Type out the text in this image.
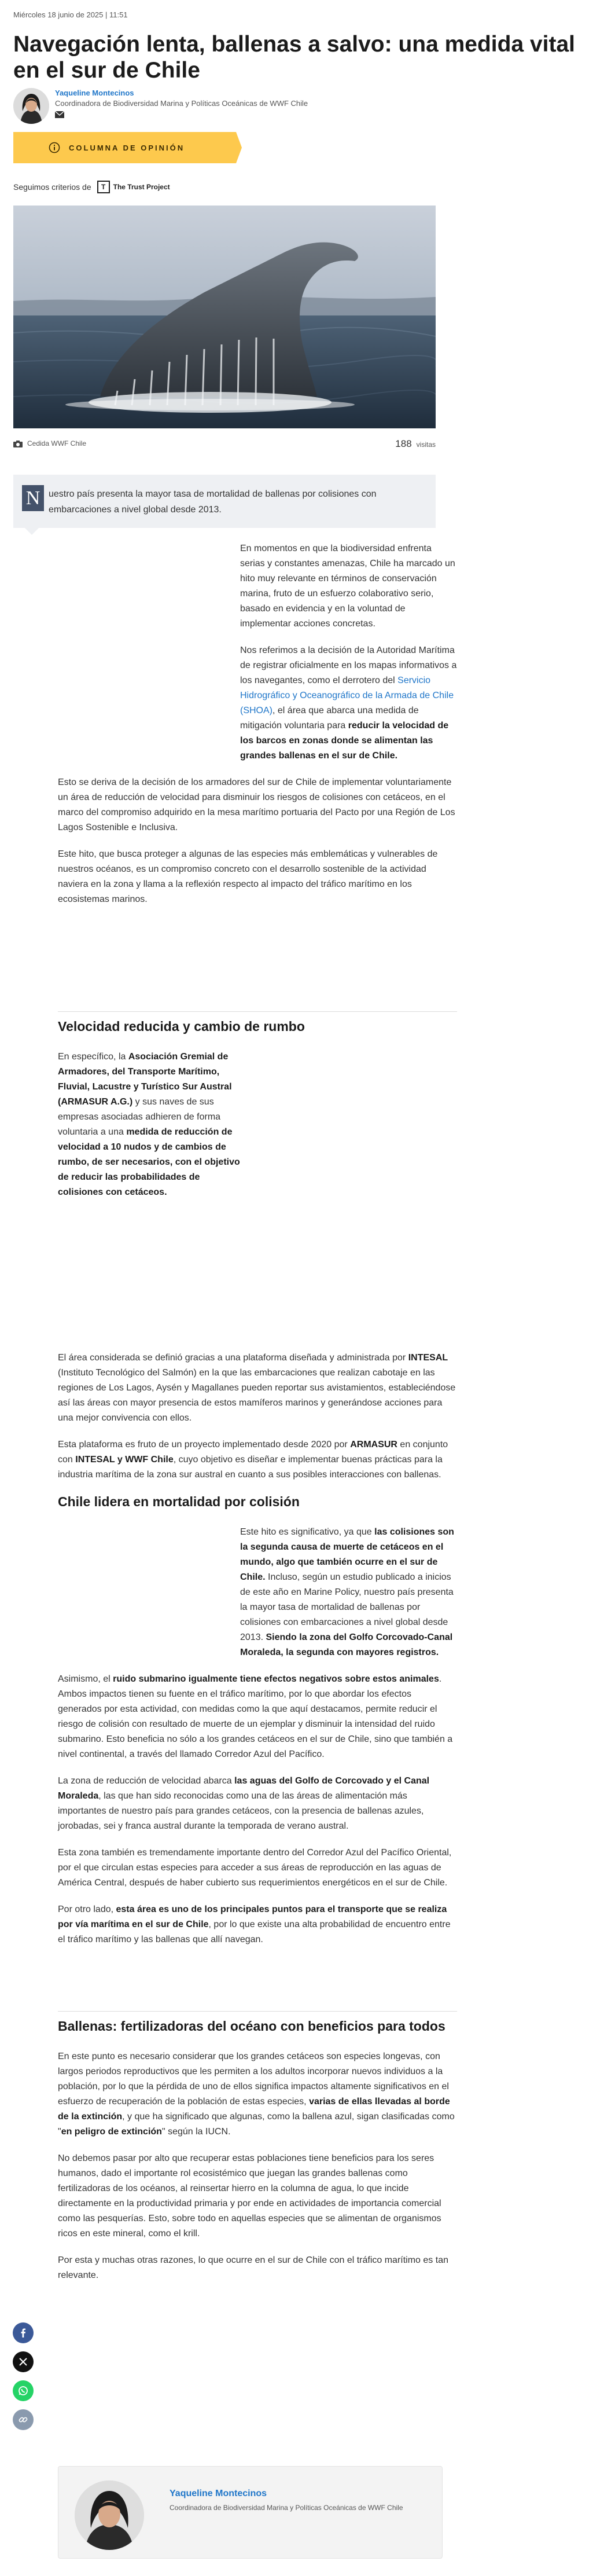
Miércoles 18 junio de 2025 | 11:51
Navegación lenta, ballenas a salvo: una medida vital en el sur de Chile
Yaqueline Montecinos
Coordinadora de Biodiversidad Marina y Políticas Oceánicas de WWF Chile
COLUMNA DE OPINIÓN
Seguimos criterios de	T	The Trust Project
Cedida WWF Chile	188 visitas
N uestro país presenta la mayor tasa de mortalidad de ballenas por colisiones con embarcaciones a nivel global desde 2013.

En momentos en que la biodiversidad enfrenta serias y constantes amenazas, Chile ha marcado un hito muy relevante en términos de conservación marina, fruto de un esfuerzo colaborativo serio, basado en evidencia y en la voluntad de implementar acciones concretas.

Nos referimos a la decisión de la Autoridad Marítima de registrar oficialmente en los mapas informativos a los navegantes, como el derrotero del Servicio Hidrográfico y Oceanográfico de la Armada de Chile (SHOA), el área que abarca una medida de mitigación voluntaria para reducir la velocidad de los barcos en zonas donde se alimentan las grandes ballenas en el sur de Chile.

Esto se deriva de la decisión de los armadores del sur de Chile de implementar voluntariamente un área de reducción de velocidad para disminuir los riesgos de colisiones con cetáceos, en el marco del compromiso adquirido en la mesa marítimo portuaria del Pacto por una Región de Los Lagos Sostenible e Inclusiva.

Este hito, que busca proteger a algunas de las especies más emblemáticas y vulnerables de nuestros océanos, es un compromiso concreto con el desarrollo sostenible de la actividad naviera en la zona y llama a la reflexión respecto al impacto del tráfico marítimo en los ecosistemas marinos.

Velocidad reducida y cambio de rumbo

En específico, la Asociación Gremial de Armadores, del Transporte Marítimo, Fluvial, Lacustre y Turístico Sur Austral (ARMASUR A.G.) y sus naves de sus empresas asociadas adhieren de forma voluntaria a una medida de reducción de velocidad a 10 nudos y de cambios de rumbo, de ser necesarios, con el objetivo de reducir las probabilidades de colisiones con cetáceos.

El área considerada se definió gracias a una plataforma diseñada y administrada por INTESAL (Instituto Tecnológico del Salmón) en la que las embarcaciones que realizan cabotaje en las regiones de Los Lagos, Aysén y Magallanes pueden reportar sus avistamientos, estableciéndose así las áreas con mayor presencia de estos mamíferos marinos y generándose acciones para una mejor convivencia con ellos.

Esta plataforma es fruto de un proyecto implementado desde 2020 por ARMASUR en conjunto con INTESAL y WWF Chile, cuyo objetivo es diseñar e implementar buenas prácticas para la industria marítima de la zona sur austral en cuanto a sus posibles interacciones con ballenas.

Chile lidera en mortalidad por colisión

Este hito es significativo, ya que las colisiones son la segunda causa de muerte de cetáceos en el mundo, algo que también ocurre en el sur de Chile. Incluso, según un estudio publicado a inicios de este año en Marine Policy, nuestro país presenta la mayor tasa de mortalidad de ballenas por colisiones con embarcaciones a nivel global desde 2013. Siendo la zona del Golfo Corcovado-Canal Moraleda, la segunda con mayores registros.

Asimismo, el ruido submarino igualmente tiene efectos negativos sobre estos animales. Ambos impactos tienen su fuente en el tráfico marítimo, por lo que abordar los efectos generados por esta actividad, con medidas como la que aquí destacamos, permite reducir el riesgo de colisión con resultado de muerte de un ejemplar y disminuir la intensidad del ruido submarino. Esto beneficia no sólo a los grandes cetáceos en el sur de Chile, sino que también a nivel continental, a través del llamado Corredor Azul del Pacífico.

La zona de reducción de velocidad abarca las aguas del Golfo de Corcovado y el Canal Moraleda, las que han sido reconocidas como una de las áreas de alimentación más importantes de nuestro país para grandes cetáceos, con la presencia de ballenas azules, jorobadas, sei y franca austral durante la temporada de verano austral.

Esta zona también es tremendamente importante dentro del Corredor Azul del Pacífico Oriental, por el que circulan estas especies para acceder a sus áreas de reproducción en las aguas de América Central, después de haber cubierto sus requerimientos energéticos en el sur de Chile.

Por otro lado, esta área es uno de los principales puntos para el transporte que se realiza por vía marítima en el sur de Chile, por lo que existe una alta probabilidad de encuentro entre el tráfico marítimo y las ballenas que allí navegan.

Ballenas: fertilizadoras del océano con beneficios para todos

En este punto es necesario considerar que los grandes cetáceos son especies longevas, con largos periodos reproductivos que les permiten a los adultos incorporar nuevos individuos a la población, por lo que la pérdida de uno de ellos significa impactos altamente significativos en el esfuerzo de recuperación de la población de estas especies, varias de ellas llevadas al borde de la extinción, y que ha significado que algunas, como la ballena azul, sigan clasificadas como "en peligro de extinción" según la IUCN.

No debemos pasar por alto que recuperar estas poblaciones tiene beneficios para los seres humanos, dado el importante rol ecosistémico que juegan las grandes ballenas como fertilizadoras de los océanos, al reinsertar hierro en la columna de agua, lo que incide directamente en la productividad primaria y por ende en actividades de importancia comercial como las pesquerías. Esto, sobre todo en aquellas especies que se alimentan de organismos ricos en este mineral, como el krill.

Por esta y muchas otras razones, lo que ocurre en el sur de Chile con el tráfico marítimo es tan relevante.

Yaqueline Montecinos
Coordinadora de Biodiversidad Marina y Políticas Oceánicas de WWF Chile
